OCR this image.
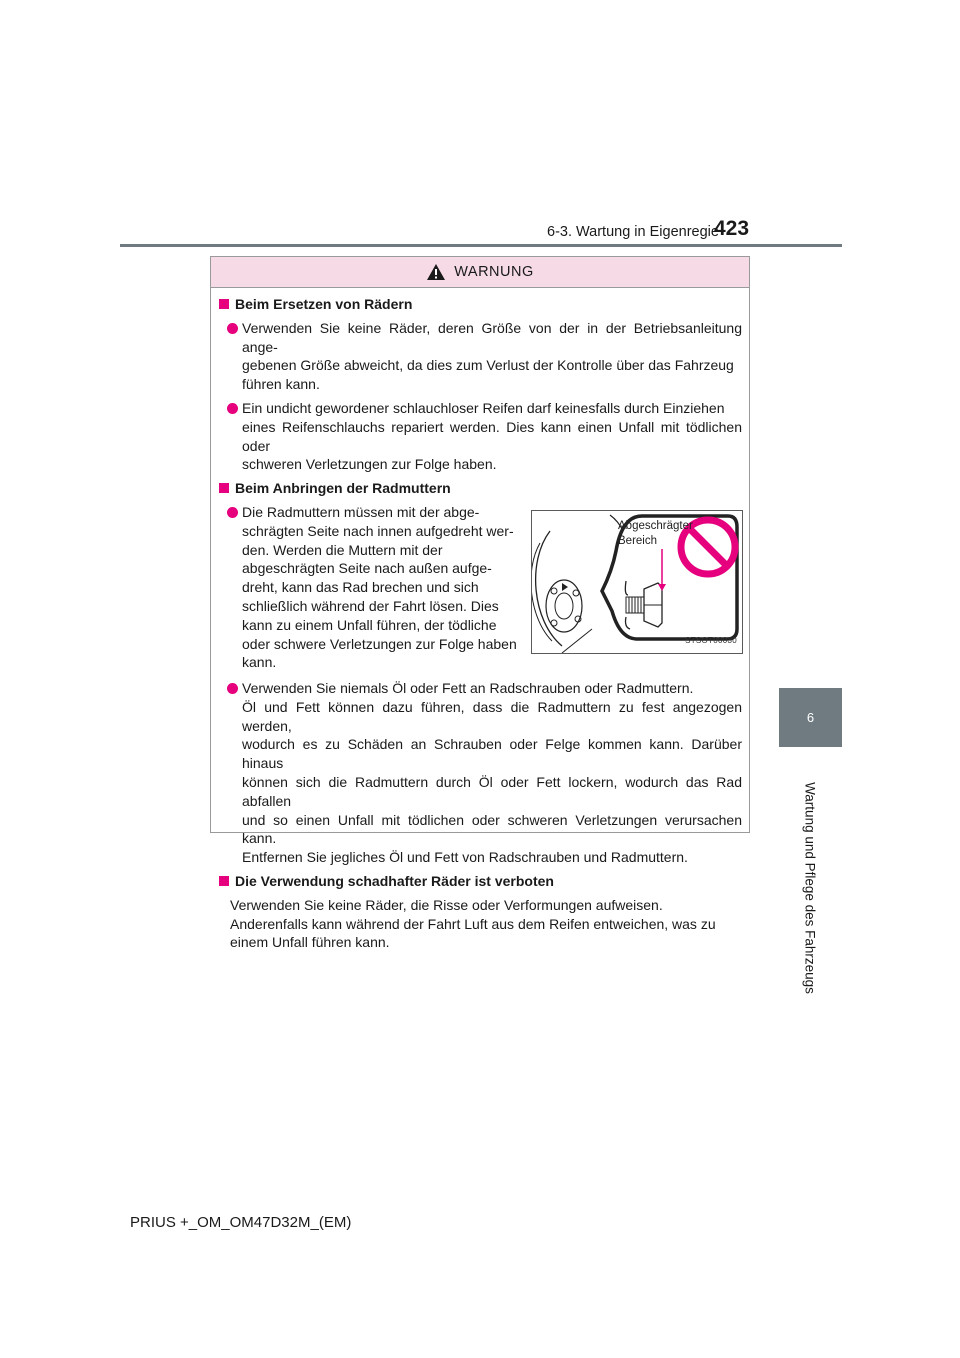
6-3. Wartung in Eigenregie
423
6
Wartung und Pflege des Fahrzeugs
WARNUNG
Beim Ersetzen von Rädern
Verwenden Sie keine Räder, deren Größe von der in der Betriebsanleitung ange-
gebenen Größe abweicht, da dies zum Verlust der Kontrolle über das Fahrzeug
führen kann.
Ein undicht gewordener schlauchloser Reifen darf keinesfalls durch Einziehen
eines Reifenschlauchs repariert werden. Dies kann einen Unfall mit tödlichen oder
schweren Verletzungen zur Folge haben.
Beim Anbringen der Radmuttern
Die Radmuttern müssen mit der abge-
schrägten Seite nach innen aufgedreht wer-
den. Werden die Muttern mit der
abgeschrägten Seite nach außen aufge-
dreht, kann das Rad brechen und sich
schließlich während der Fahrt lösen. Dies
kann zu einem Unfall führen, der tödliche
oder schwere Verletzungen zur Folge haben
kann.
Abgeschrägter
Bereich
STSOT00030
Verwenden Sie niemals Öl oder Fett an Radschrauben oder Radmuttern.
Öl und Fett können dazu führen, dass die Radmuttern zu fest angezogen werden,
wodurch es zu Schäden an Schrauben oder Felge kommen kann. Darüber hinaus
können sich die Radmuttern durch Öl oder Fett lockern, wodurch das Rad abfallen
und so einen Unfall mit tödlichen oder schweren Verletzungen verursachen kann.
Entfernen Sie jegliches Öl und Fett von Radschrauben und Radmuttern.
Die Verwendung schadhafter Räder ist verboten
Verwenden Sie keine Räder, die Risse oder Verformungen aufweisen.
Anderenfalls kann während der Fahrt Luft aus dem Reifen entweichen, was zu
einem Unfall führen kann.
PRIUS +_OM_OM47D32M_(EM)
